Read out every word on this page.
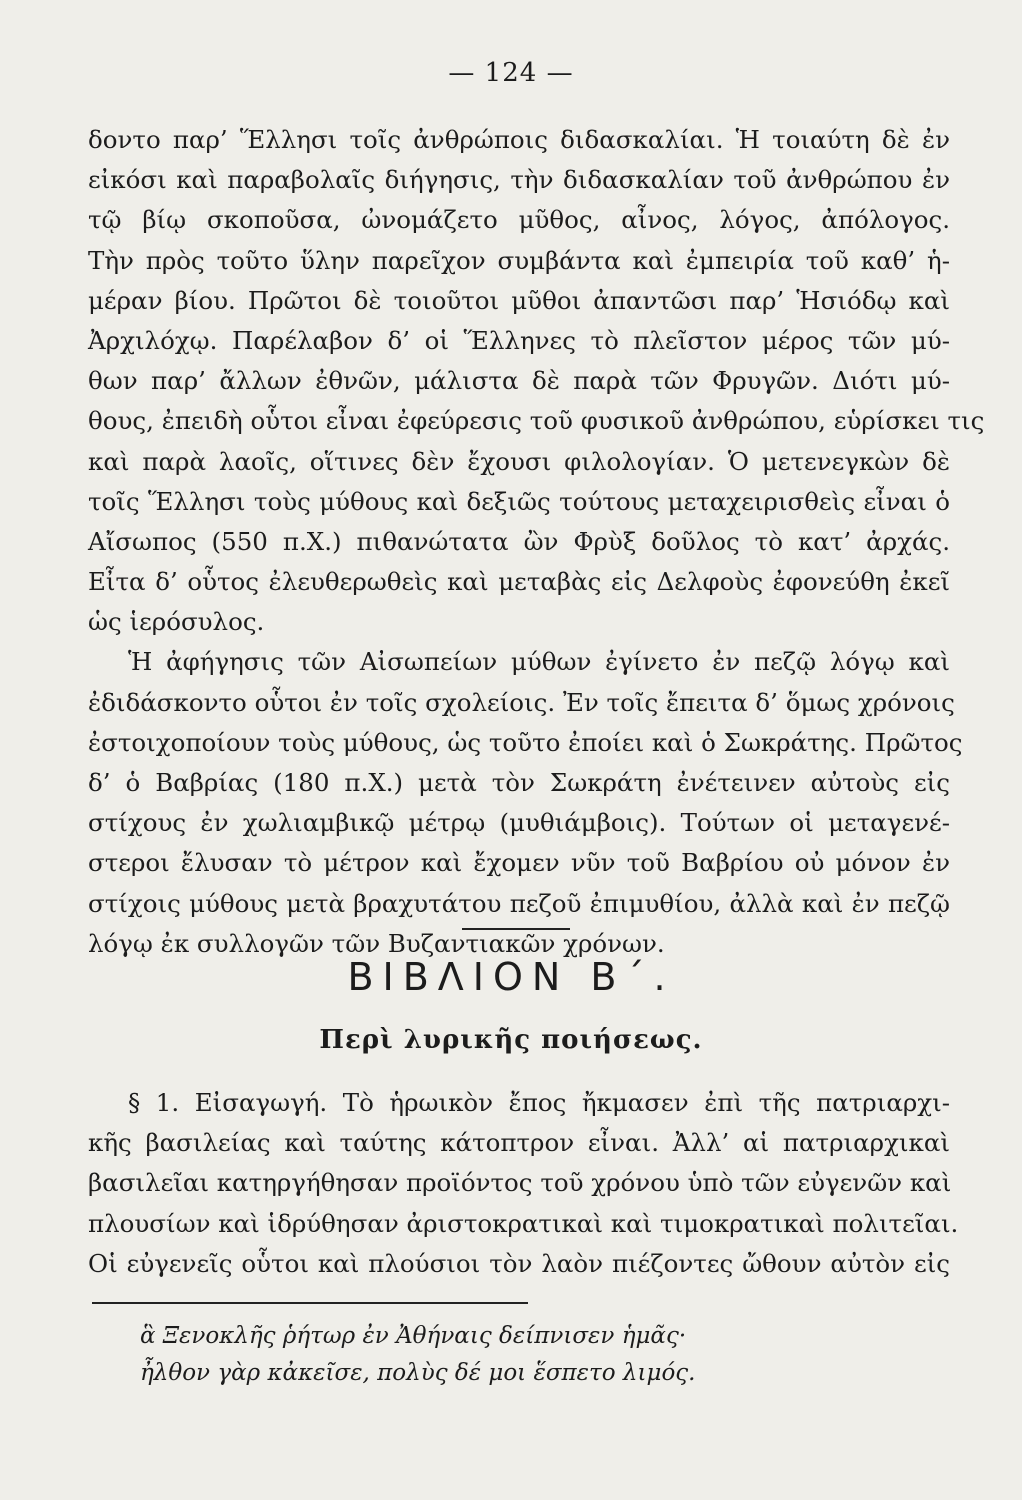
— 124 —
δοντο παρ’ Ἕλλησι τοῖς ἀνθρώποις διδασκαλίαι. Ἡ τοιαύτη δὲ ἐν
εἰκόσι καὶ παραβολαῖς διήγησις, τὴν διδασκαλίαν τοῦ ἀνθρώπου ἐν
τῷ βίῳ σκοποῦσα, ὠνομάζετο μῦθος, αἶνος, λόγος, ἀπόλογος.
Τὴν πρὸς τοῦτο ὕλην παρεῖχον συμβάντα καὶ ἐμπειρία τοῦ καθ’ ἡ-
μέραν βίου. Πρῶτοι δὲ τοιοῦτοι μῦθοι ἀπαντῶσι παρ’ Ἡσιόδῳ καὶ
Ἀρχιλόχῳ. Παρέλαβον δ’ οἱ Ἕλληνες τὸ πλεῖστον μέρος τῶν μύ-
θων παρ’ ἄλλων ἐθνῶν, μάλιστα δὲ παρὰ τῶν Φρυγῶν. Διότι μύ-
θους, ἐπειδὴ οὗτοι εἶναι ἐφεύρεσις τοῦ φυσικοῦ ἀνθρώπου, εὑρίσκει τις
καὶ παρὰ λαοῖς, οἵτινες δὲν ἔχουσι φιλολογίαν. Ὁ μετενεγκὼν δὲ
τοῖς Ἕλλησι τοὺς μύθους καὶ δεξιῶς τούτους μεταχειρισθεὶς εἶναι ὁ
Αἴσωπος (550 π.Χ.) πιθανώτατα ὢν Φρὺξ δοῦλος τὸ κατ’ ἀρχάς.
Εἶτα δ’ οὗτος ἐλευθερωθεὶς καὶ μεταβὰς εἰς Δελφοὺς ἐφονεύθη ἐκεῖ
ὡς ἱερόσυλος.
Ἡ ἀφήγησις τῶν Αἰσωπείων μύθων ἐγίνετο ἐν πεζῷ λόγῳ καὶ
ἐδιδάσκοντο οὗτοι ἐν τοῖς σχολείοις. Ἐν τοῖς ἔπειτα δ’ ὅμως χρόνοις
ἐστοιχοποίουν τοὺς μύθους, ὡς τοῦτο ἐποίει καὶ ὁ Σωκράτης. Πρῶτος
δ’ ὁ Βαβρίας (180 π.Χ.) μετὰ τὸν Σωκράτη ἐνέτεινεν αὐτοὺς εἰς
στίχους ἐν χωλιαμβικῷ μέτρῳ (μυθιάμβοις). Τούτων οἱ μεταγενέ-
στεροι ἔλυσαν τὸ μέτρον καὶ ἔχομεν νῦν τοῦ Βαβρίου οὐ μόνον ἐν
στίχοις μύθους μετὰ βραχυτάτου πεζοῦ ἐπιμυθίου, ἀλλὰ καὶ ἐν πεζῷ
λόγῳ ἐκ συλλογῶν τῶν Βυζαντιακῶν χρόνων.
ΒΙΒΛΙΟΝ Β΄.
Περὶ λυρικῆς ποιήσεως.
§ 1. Εἰσαγωγή. Τὸ ἡρωικὸν ἔπος ἤκμασεν ἐπὶ τῆς πατριαρχι-
κῆς βασιλείας καὶ ταύτης κάτοπτρον εἶναι. Ἀλλ’ αἱ πατριαρχικαὶ
βασιλεῖαι κατηργήθησαν προϊόντος τοῦ χρόνου ὑπὸ τῶν εὐγενῶν καὶ
πλουσίων καὶ ἱδρύθησαν ἀριστοκρατικαὶ καὶ τιμοκρατικαὶ πολιτεῖαι.
Οἱ εὐγενεῖς οὗτοι καὶ πλούσιοι τὸν λαὸν πιέζοντες ὤθουν αὐτὸν εἰς
ἃ Ξενοκλῆς ῥήτωρ ἐν Ἀθήναις δείπνισεν ἡμᾶς·
ἦλθον γὰρ κἀκεῖσε, πολὺς δέ μοι ἕσπετο λιμός.
